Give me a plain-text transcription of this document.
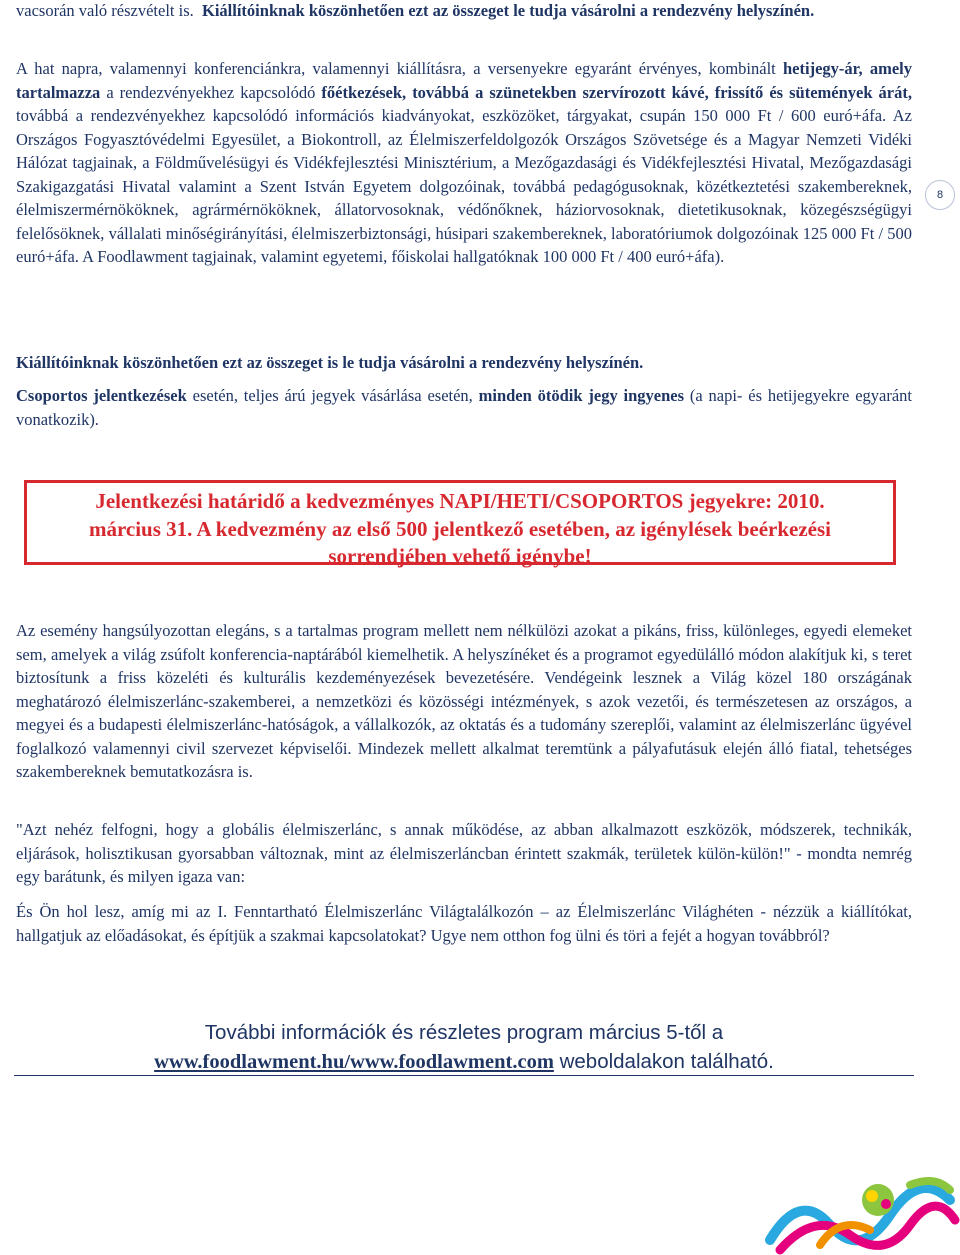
vacsorán való részvételt is. Kiállítóinknak köszönhetően ezt az összeget le tudja vásárolni a rendezvény helyszínén.

A hat napra, valamennyi konferenciánkra, valamennyi kiállításra, a versenyekre egyaránt érvényes, kombinált hetijegy-ár, amely tartalmazza a rendezvényekhez kapcsolódó főétkezések, továbbá a szünetekben szervírozott kávé, frissítő és sütemények árát, továbbá a rendezvényekhez kapcsolódó információs kiadványokat, eszközöket, tárgyakat, csupán 150 000 Ft / 600 euró+áfa. Az Országos Fogyasztóvédelmi Egyesület, a Biokontroll, az Élelmiszerfeldolgozók Országos Szövetsége és a Magyar Nemzeti Vidéki Hálózat tagjainak, a Földművelésügyi és Vidékfejlesztési Minisztérium, a Mezőgazdasági és Vidékfejlesztési Hivatal, Mezőgazdasági Szakigazgatási Hivatal valamint a Szent István Egyetem dolgozóinak, továbbá pedagógusoknak, közétkeztetési szakembereknek, élelmiszermérnököknek, agrármérnököknek, állatorvosoknak, védőnőknek, háziorvosoknak, dietetikusoknak, közegészségügyi felelősöknek, vállalati minőségirányítási, élelmiszerbiztonsági, húsipari szakembereknek, laboratóriumok dolgozóinak 125 000 Ft / 500 euró+áfa. A Foodlawment tagjainak, valamint egyetemi, főiskolai hallgatóknak 100 000 Ft / 400 euró+áfa).

Kiállítóinknak köszönhetően ezt az összeget is le tudja vásárolni a rendezvény helyszínén.

Csoportos jelentkezések esetén, teljes árú jegyek vásárlása esetén, minden ötödik jegy ingyenes (a napi- és hetijegyekre egyaránt vonatkozik).

Jelentkezési határidő a kedvezményes NAPI/HETI/CSOPORTOS jegyekre: 2010.
március 31. A kedvezmény az első 500 jelentkező esetében, az igénylések beérkezési
sorrendjében vehető igénybe!

Az esemény hangsúlyozottan elegáns, s a tartalmas program mellett nem nélkülözi azokat a pikáns, friss, különleges, egyedi elemeket sem, amelyek a világ zsúfolt konferencia-naptárából kiemelhetik. A helyszínéket és a programot egyedülálló módon alakítjuk ki, s teret biztosítunk a friss közeléti és kulturális kezdeményezések bevezetésére. Vendégeink lesznek a Világ közel 180 országának meghatározó élelmiszerlánc-szakemberei, a nemzetközi és közösségi intézmények, s azok vezetői, és természetesen az országos, a megyei és a budapesti élelmiszerlánc-hatóságok, a vállalkozók, az oktatás és a tudomány szereplői, valamint az élelmiszerlánc ügyével foglalkozó valamennyi civil szervezet képviselői. Mindezek mellett alkalmat teremtünk a pályafutásuk elején álló fiatal, tehetséges szakembereknek bemutatkozásra is.

"Azt nehéz felfogni, hogy a globális élelmiszerlánc, s annak működése, az abban alkalmazott eszközök, módszerek, technikák, eljárások, holisztikusan gyorsabban változnak, mint az élelmiszerláncban érintett szakmák, területek külön-külön!" - mondta nemrég egy barátunk, és milyen igaza van:

És Ön hol lesz, amíg mi az I. Fenntartható Élelmiszerlánc Világtalálkozón – az Élelmiszerlánc Világhéten - nézzük a kiállítókat, hallgatjuk az előadásokat, és építjük a szakmai kapcsolatokat? Ugye nem otthon fog ülni és töri a fejét a hogyan továbbról?

További információk és részletes program március 5-től a
www.foodlawment.hu/www.foodlawment.com weboldalakon található.
8
